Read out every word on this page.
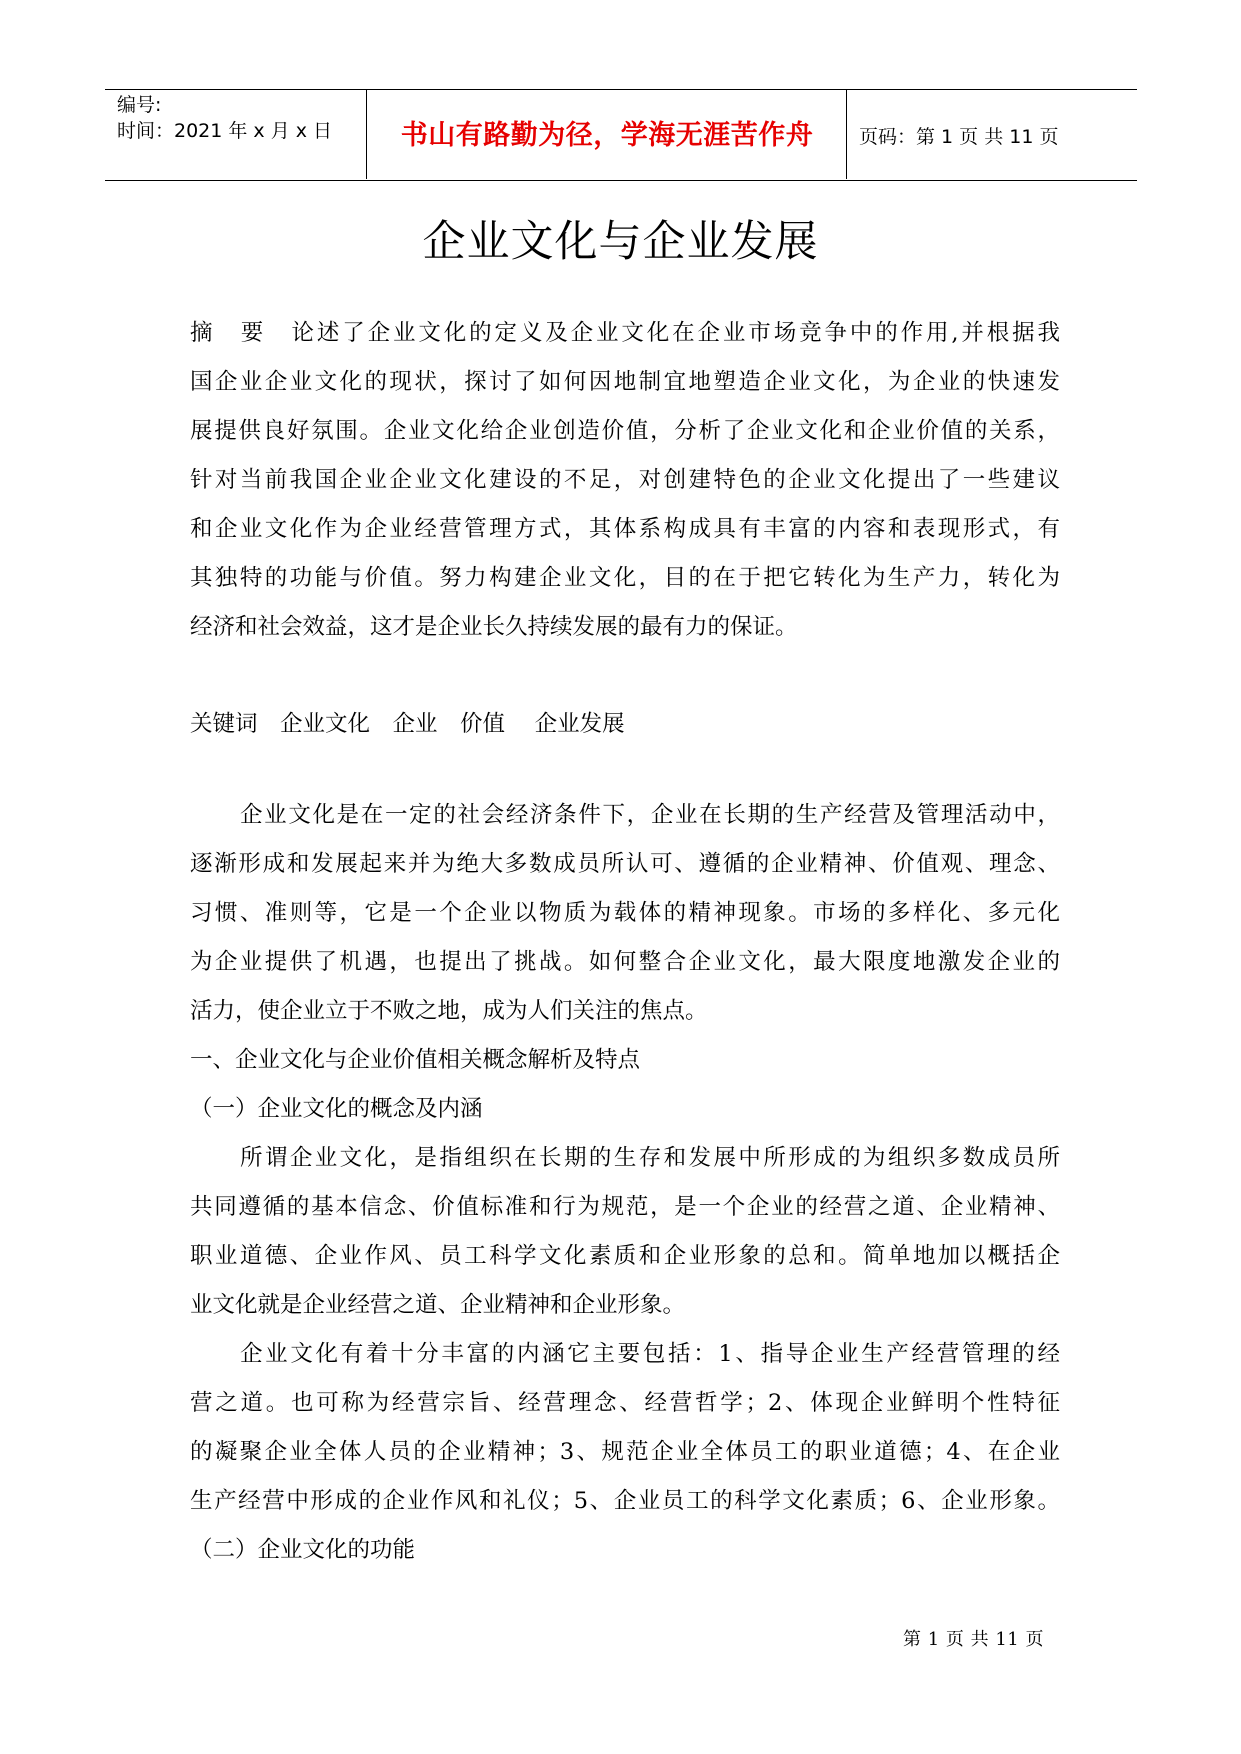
编号:
时间：2021 年 x 月 x 日	书山有路勤为径，学海无涯苦作舟	页码：第 1 页 共 11 页
企业文化与企业发展
摘　要　论述了企业文化的定义及企业文化在企业市场竞争中的作用,并根据我
国企业企业文化的现状，探讨了如何因地制宜地塑造企业文化，为企业的快速发
展提供良好氛围。企业文化给企业创造价值，分析了企业文化和企业价值的关系，
针对当前我国企业企业文化建设的不足，对创建特色的企业文化提出了一些建议
和企业文化作为企业经营管理方式，其体系构成具有丰富的内容和表现形式，有
其独特的功能与价值。努力构建企业文化，目的在于把它转化为生产力，转化为
经济和社会效益，这才是企业长久持续发展的最有力的保证。
关键词　企业文化　企业　价值　 企业发展
企业文化是在一定的社会经济条件下，企业在长期的生产经营及管理活动中，
逐渐形成和发展起来并为绝大多数成员所认可、遵循的企业精神、价值观、理念、
习惯、准则等，它是一个企业以物质为载体的精神现象。市场的多样化、多元化
为企业提供了机遇，也提出了挑战。如何整合企业文化，最大限度地激发企业的
活力，使企业立于不败之地，成为人们关注的焦点。
一、企业文化与企业价值相关概念解析及特点
（一）企业文化的概念及内涵
所谓企业文化，是指组织在长期的生存和发展中所形成的为组织多数成员所
共同遵循的基本信念、价值标准和行为规范，是一个企业的经营之道、企业精神、
职业道德、企业作风、员工科学文化素质和企业形象的总和。简单地加以概括企
业文化就是企业经营之道、企业精神和企业形象。
企业文化有着十分丰富的内涵它主要包括：1、指导企业生产经营管理的经
营之道。也可称为经营宗旨、经营理念、经营哲学；2、体现企业鲜明个性特征
的凝聚企业全体人员的企业精神；3、规范企业全体员工的职业道德；4、在企业
生产经营中形成的企业作风和礼仪；5、企业员工的科学文化素质；6、企业形象。
（二）企业文化的功能
第 1 页 共 11 页
